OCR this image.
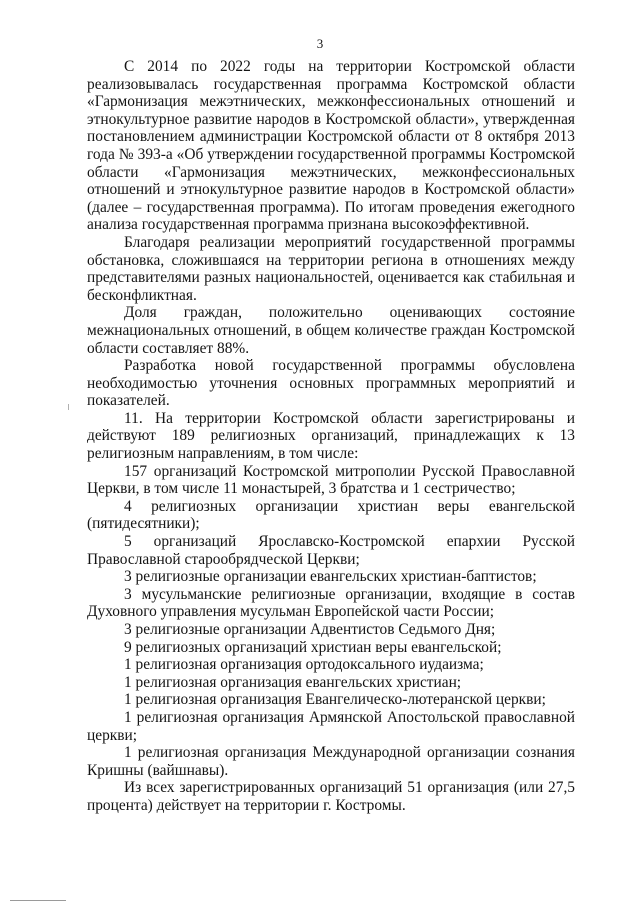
3

С 2014 по 2022 годы на территории Костромской области реализовывалась государственная программа Костромской области «Гармонизация межэтнических, межконфессиональных отношений и этнокультурное развитие народов в Костромской области», утвержденная постановлением администрации Костромской области от 8 октября 2013 года № 393-а «Об утверждении государственной программы Костромской области «Гармонизация межэтнических, межконфессиональных отношений и этнокультурное развитие народов в Костромской области» (далее – государственная программа). По итогам проведения ежегодного анализа государственная программа признана высокоэффективной.

Благодаря реализации мероприятий государственной программы обстановка, сложившаяся на территории региона в отношениях между представителями разных национальностей, оценивается как стабильная и бесконфликтная.

Доля граждан, положительно оценивающих состояние межнациональных отношений, в общем количестве граждан Костромской области составляет 88%.

Разработка новой государственной программы обусловлена необходимостью уточнения основных программных мероприятий и показателей.

11. На территории Костромской области зарегистрированы и действуют 189 религиозных организаций, принадлежащих к 13 религиозным направлениям, в том числе:

157 организаций Костромской митрополии Русской Православной Церкви, в том числе 11 монастырей, 3 братства и 1 сестричество;

4 религиозных организации христиан веры евангельской (пятидесятники);

5 организаций Ярославско-Костромской епархии Русской Православной старообрядческой Церкви;

3 религиозные организации евангельских христиан-баптистов;

3 мусульманские религиозные организации, входящие в состав Духовного управления мусульман Европейской части России;

3 религиозные организации Адвентистов Седьмого Дня;

9 религиозных организаций христиан веры евангельской;

1 религиозная организация ортодоксального иудаизма;

1 религиозная организация евангельских христиан;

1 религиозная организация Евангелическо-лютеранской церкви;

1 религиозная организация Армянской Апостольской православной церкви;

1 религиозная организация Международной организации сознания Кришны (вайшнавы).

Из всех зарегистрированных организаций 51 организация (или 27,5 процента) действует на территории г. Костромы.
